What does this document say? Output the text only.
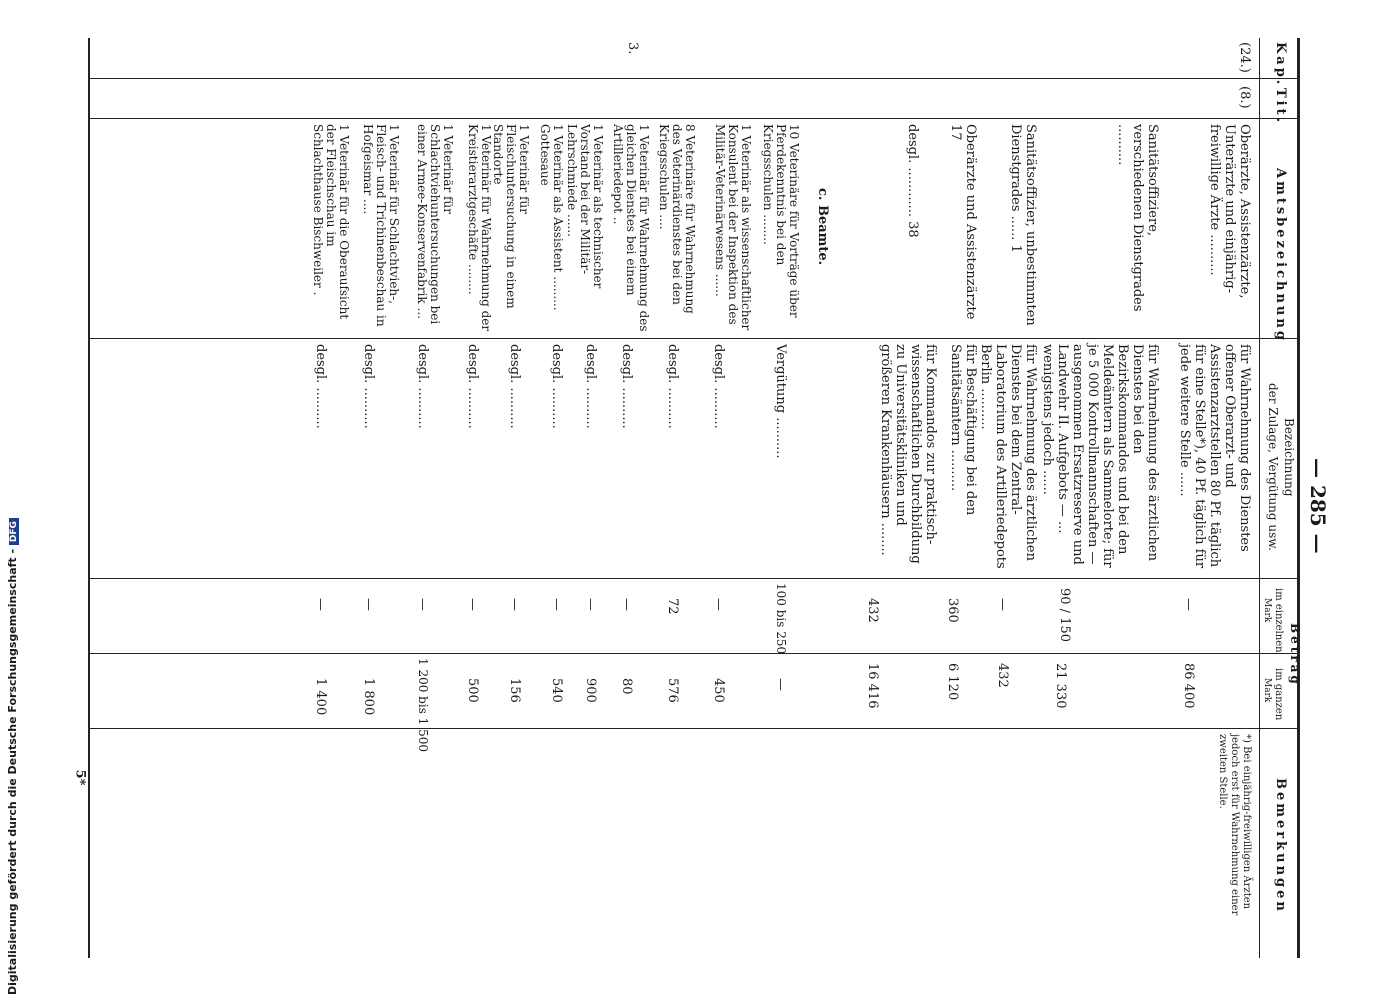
— 285 —
Kap.
Tit.
Amtsbezeichnung
Bezeichnung
der Zulage, Vergütung usw.
Betrag
im einzelnen
Mark
im ganzen
Mark
Bemerkungen
(24.)
(8.)
3.
Oberärzte, Assistenzärzte, Unterärzte und einjährig-freiwillige Ärzte ..........
für Wahrnehmung des Dienstes offener Oberarzt- und Assistenzarztstellen 80 Pf. täglich für eine Stelle*), 40 Pf. täglich für jede weitere Stelle ......
—
86 400
Sanitätsoffiziere, verschiedenen Dienstgrades ..........
für Wahrnehmung des ärztlichen Dienstes bei den Bezirkskommandos und bei den Meldeämtern als Sammelorte; für je 5 000 Kontrollmannschaften — ausgenommen Ersatzreserve und Landwehr II. Aufgebots — ... wenigstens jedoch ......
90 / 150
21 330
Sanitätsoffizier, unbestimmten Dienstgrades ...... 1
für Wahrnehmung des ärztlichen Dienstes bei dem Zentral-Laboratorium des Artilleriedepots Berlin ..........
—
432
Oberärzte und Assistenzärzte 17
für Beschäftigung bei den Sanitätsämtern ..........
360
6 120
desgl. ............ 38
für Kommandos zur praktisch-wissenschaftlichen Durchbildung zu Universitätskliniken und größeren Krankenhäusern ........
432
16 416
c. Beamte.
10 Veterinäre für Vorträge über Pferdekenntnis bei den Kriegsschulen ........
Vergütung ..........
100 bis 250
—
1 Veterinär als wissenschaftlicher Konsulent bei der Inspektion des Militär-Veterinärwesens ......
desgl. ..........
—
450
8 Veterinäre für Wahrnehmung des Veterinärdienstes bei den Kriegsschulen ....
desgl. ..........
72
576
1 Veterinär für Wahrnehmung des gleichen Dienstes bei einem Artilleriedepot ..
desgl. ..........
—
80
1 Veterinär als technischer Vorstand bei der Militär-Lehrschmiede ......
desgl. ..........
—
900
1 Veterinär als Assistent ......... Gottesaue
desgl. ..........
—
540
1 Veterinär für Fleischuntersuchung in einem Standorte
desgl. ..........
—
156
1 Veterinär für Wahrnehmung der Kreistierarztgeschäfte ........
desgl. ..........
—
500
1 Veterinär für Schlachtviehuntersuchungen bei einer Armee-Konservenfabrik ...
desgl. ..........
—
1 200 bis 1 500
1 Veterinär für Schlachtvieh-, Fleisch- und Trichinenbeschau in Hofgeismar ....
desgl. ..........
—
1 800
1 Veterinär für die Oberaufsicht der Fleischschau im Schlachthause Bischweiler .
desgl. ..........
—
1 400
*) Bei einjährig-freiwilligen Ärzten jedoch erst für Wahrnehmung einer zweiten Stelle.
5*
Digitalisierung gefördert durch die Deutsche Forschungsgemeinschaft - DFG
